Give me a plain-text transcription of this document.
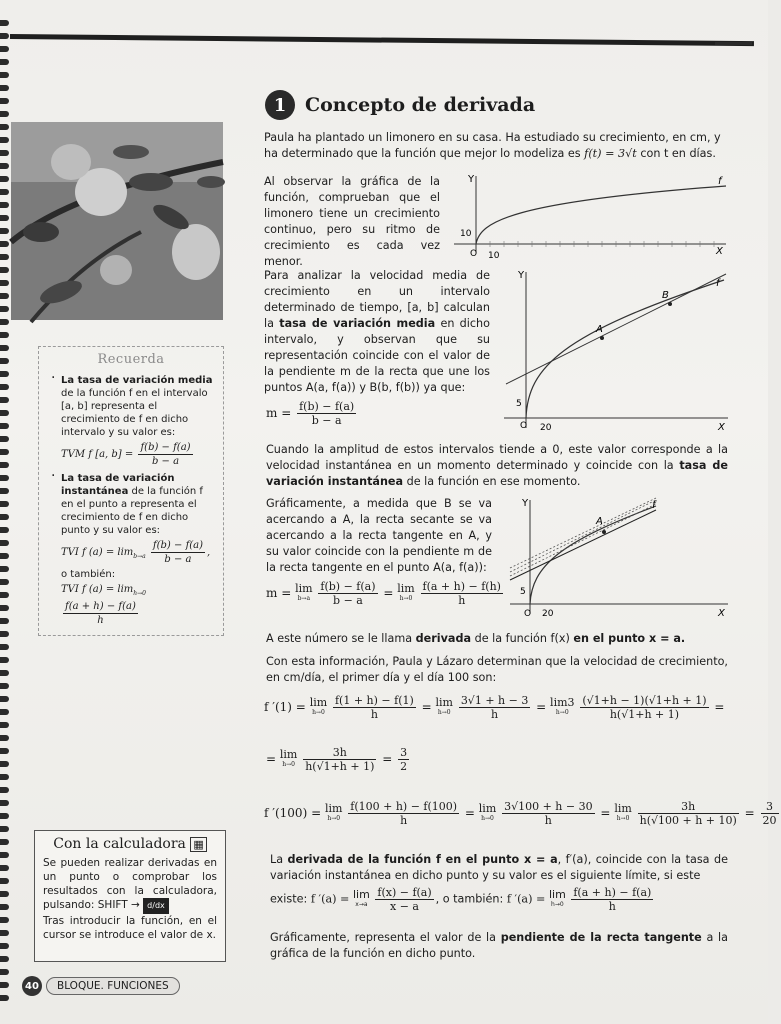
Recuerda
· La tasa de variación media de la función f en el intervalo [a, b] representa el crecimiento de f en dicho intervalo y su valor es:
TVM f [a, $b] = \frac{f(b) - f(a)}{b - a}$
· La tasa de variación instantánea de la función f en el punto a representa el crecimiento de f en dicho punto y su valor es:
TVI f $(a) = \lim_{b\to a} \frac{f(b) - f(a)}{b - a}$ ,
o también:
TVI f $(a) = \lim_{h\to 0}$
$\frac{f(a + h) - f(a)}{h}$
Con la calculadora ▦

Se pueden realizar derivadas en un punto o comprobar los resultados con la calculadora, pulsando: SHIFT → d/dx

Tras introducir la función, en el cursor se introduce el valor de x.

40	BLOQUE. FUNCIONES
1 Concepto de derivada
Paula ha plantado un limonero en su casa. Ha estudiado su crecimiento, en cm, y
ha determinado que la función que mejor lo modeliza es f(t) = 3√t con t en días.
Al observar la gráfica de la función, comprueban que el limonero tiene un crecimiento continuo, pero su ritmo de crecimiento es cada vez menor.
Y
X
f
10
10
O
Para analizar la velocidad media de crecimiento en un intervalo determinado de tiempo, [a, b] calculan la tasa de variación media en dicho intervalo, y observan que su representación coincide con el valor de la pendiente m de la recta que une los puntos A(a, f(a)) y B(b, f(b)) ya que:
$m = \frac{f(b) - f(a)}{b - a}$
Y
X
f
A
B
5
20
O
Cuando la amplitud de estos intervalos tiende a 0, este valor corresponde a la velocidad instantánea en un momento determinado y coincide con la tasa de variación instantánea de la función en ese momento.
Gráficamente, a medida que B se va acercando a A, la recta secante se va acercando a la recta tangente en A, y su valor coincide con la pendiente m de la recta tangente en el punto A(a, f(a)):
m = lim
b→a
$\frac{f(b) - f(a)}{b - a} = \lim$
h→0
$\frac{f(a + h) - f(h)}{h}$
Y
X
f
A
5
20
O
A este número se le llama derivada de la función f(x) en el punto x = a.
Con esta información, Paula y Lázaro determinan que la velocidad de crecimiento, en cm/día, el primer día y el día 100 son:
f ′(1) = lim
h→0
$\frac{f(1 + h) - f(1)}{h} = \lim$
h→0
$\frac{3√1 + h - 3}{h} = \lim 3$
h→0
	$\frac{(√1+h - 1)(√1+h + 1)}{h(√1+h + 1)}$ =
= lim
h→0
$\frac{3h}{h(√1+h + 1)} = \frac{3}{2}$
f ′(100) = lim
h→0
$\frac{f(100 + h) - f(100)}{h} = \lim$
h→0
$\frac{3√100 + h - 30}{h} = \lim$
h→0
$\frac{3h}{h(√100 + h + 10)} = \frac{3}{20}$
La derivada de la función f en el punto x = a, f′(a), coincide con la tasa de variación instantánea en dicho punto y su valor es el siguiente límite, si este
existe: f ′(a) = lim
x→a
$\frac{f(x) - f(a)}{x - a}$ , o también: f ′(a) = lim
h→0
$\frac{f(a + h) - f(a)}{h}$
Gráficamente, representa el valor de la pendiente de la recta tangente a la gráfica de la función en dicho punto.
